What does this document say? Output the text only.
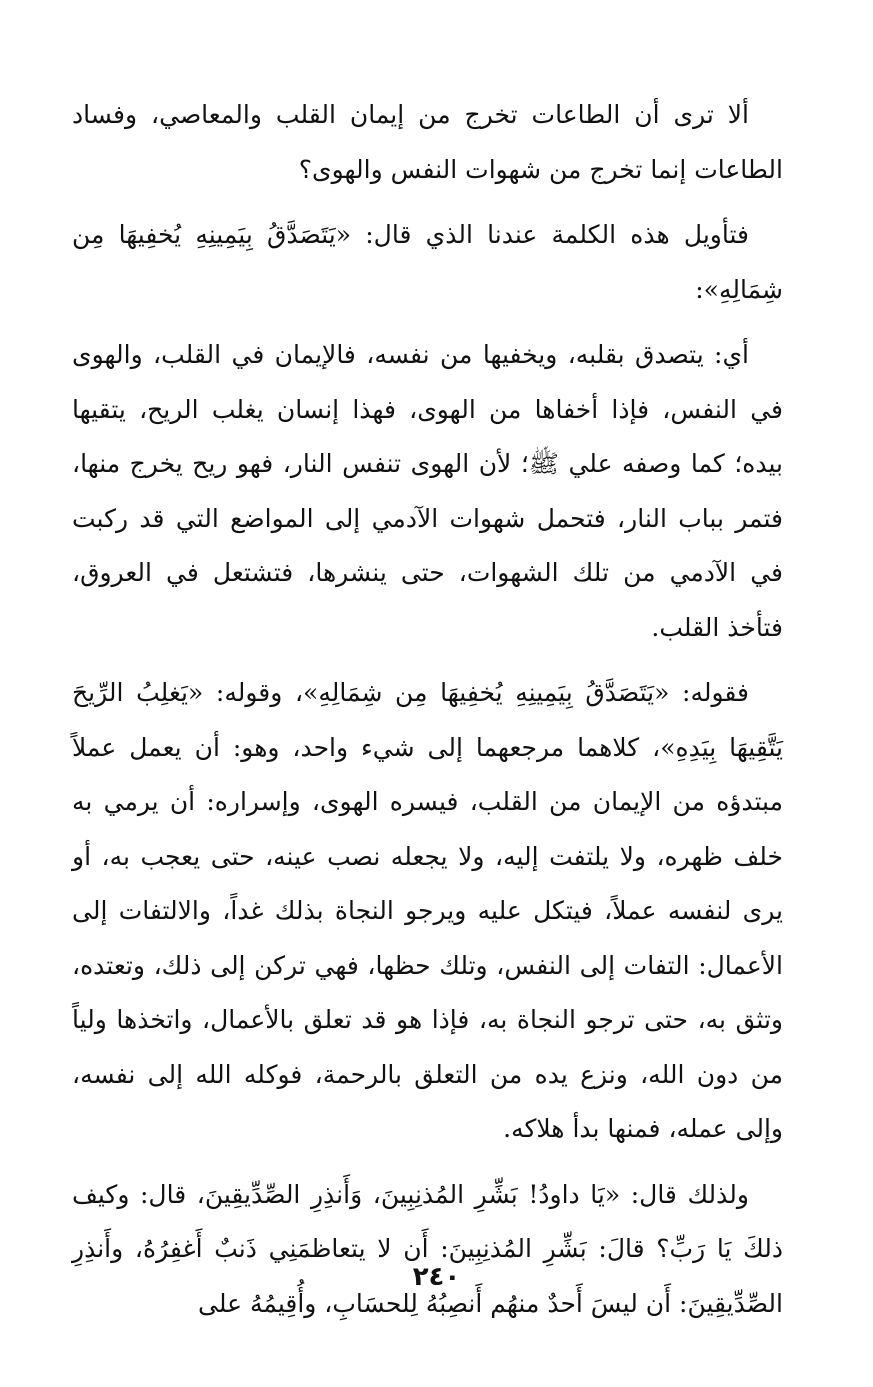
ألا ترى أن الطاعات تخرج من إيمان القلب والمعاصي، وفساد الطاعات إنما تخرج من شهوات النفس والهوى؟

فتأويل هذه الكلمة عندنا الذي قال: «يَتَصَدَّقُ بِيَمِينِهِ يُخفِيهَا مِن شِمَالِهِ»:

أي: يتصدق بقلبه، ويخفيها من نفسه، فالإيمان في القلب، والهوى في النفس، فإذا أخفاها من الهوى، فهذا إنسان يغلب الريح، يتقيها بيده؛ كما وصفه علي ﷺ؛ لأن الهوى تنفس النار، فهو ريح يخرج منها، فتمر بباب النار، فتحمل شهوات الآدمي إلى المواضع التي قد ركبت في الآدمي من تلك الشهوات، حتى ينشرها، فتشتعل في العروق، فتأخذ القلب.

فقوله: «يَتَصَدَّقُ بِيَمِينِهِ يُخفِيهَا مِن شِمَالِهِ»، وقوله: «يَغلِبُ الرِّيحَ يَتَّقِيهَا بِيَدِهِ»، كلاهما مرجعهما إلى شيء واحد، وهو: أن يعمل عملاً مبتدؤه من الإيمان من القلب، فيسره الهوى، وإسراره: أن يرمي به خلف ظهره، ولا يلتفت إليه، ولا يجعله نصب عينه، حتى يعجب به، أو يرى لنفسه عملاً، فيتكل عليه ويرجو النجاة بذلك غداً، والالتفات إلى الأعمال: التفات إلى النفس، وتلك حظها، فهي تركن إلى ذلك، وتعتده، وتثق به، حتى ترجو النجاة به، فإذا هو قد تعلق بالأعمال، واتخذها ولياً من دون الله، ونزع يده من التعلق بالرحمة، فوكله الله إلى نفسه، وإلى عمله، فمنها بدأ هلاكه.

ولذلك قال: «يَا داودُ! بَشِّرِ المُذنِبِينَ، وَأَنذِرِ الصِّدِّيقِينَ، قال: وكيف ذلكَ يَا رَبِّ؟ قالَ: بَشِّرِ المُذنِبِينَ: أَن لا يتعاظمَنِي ذَنبٌ أَغفِرُهُ، وأَنذِرِ الصِّدِّيقِينَ: أَن ليسَ أَحدٌ منهُم أَنصِبُهُ لِلحسَابِ، وأُقِيمُهُ على

٢٤٠
